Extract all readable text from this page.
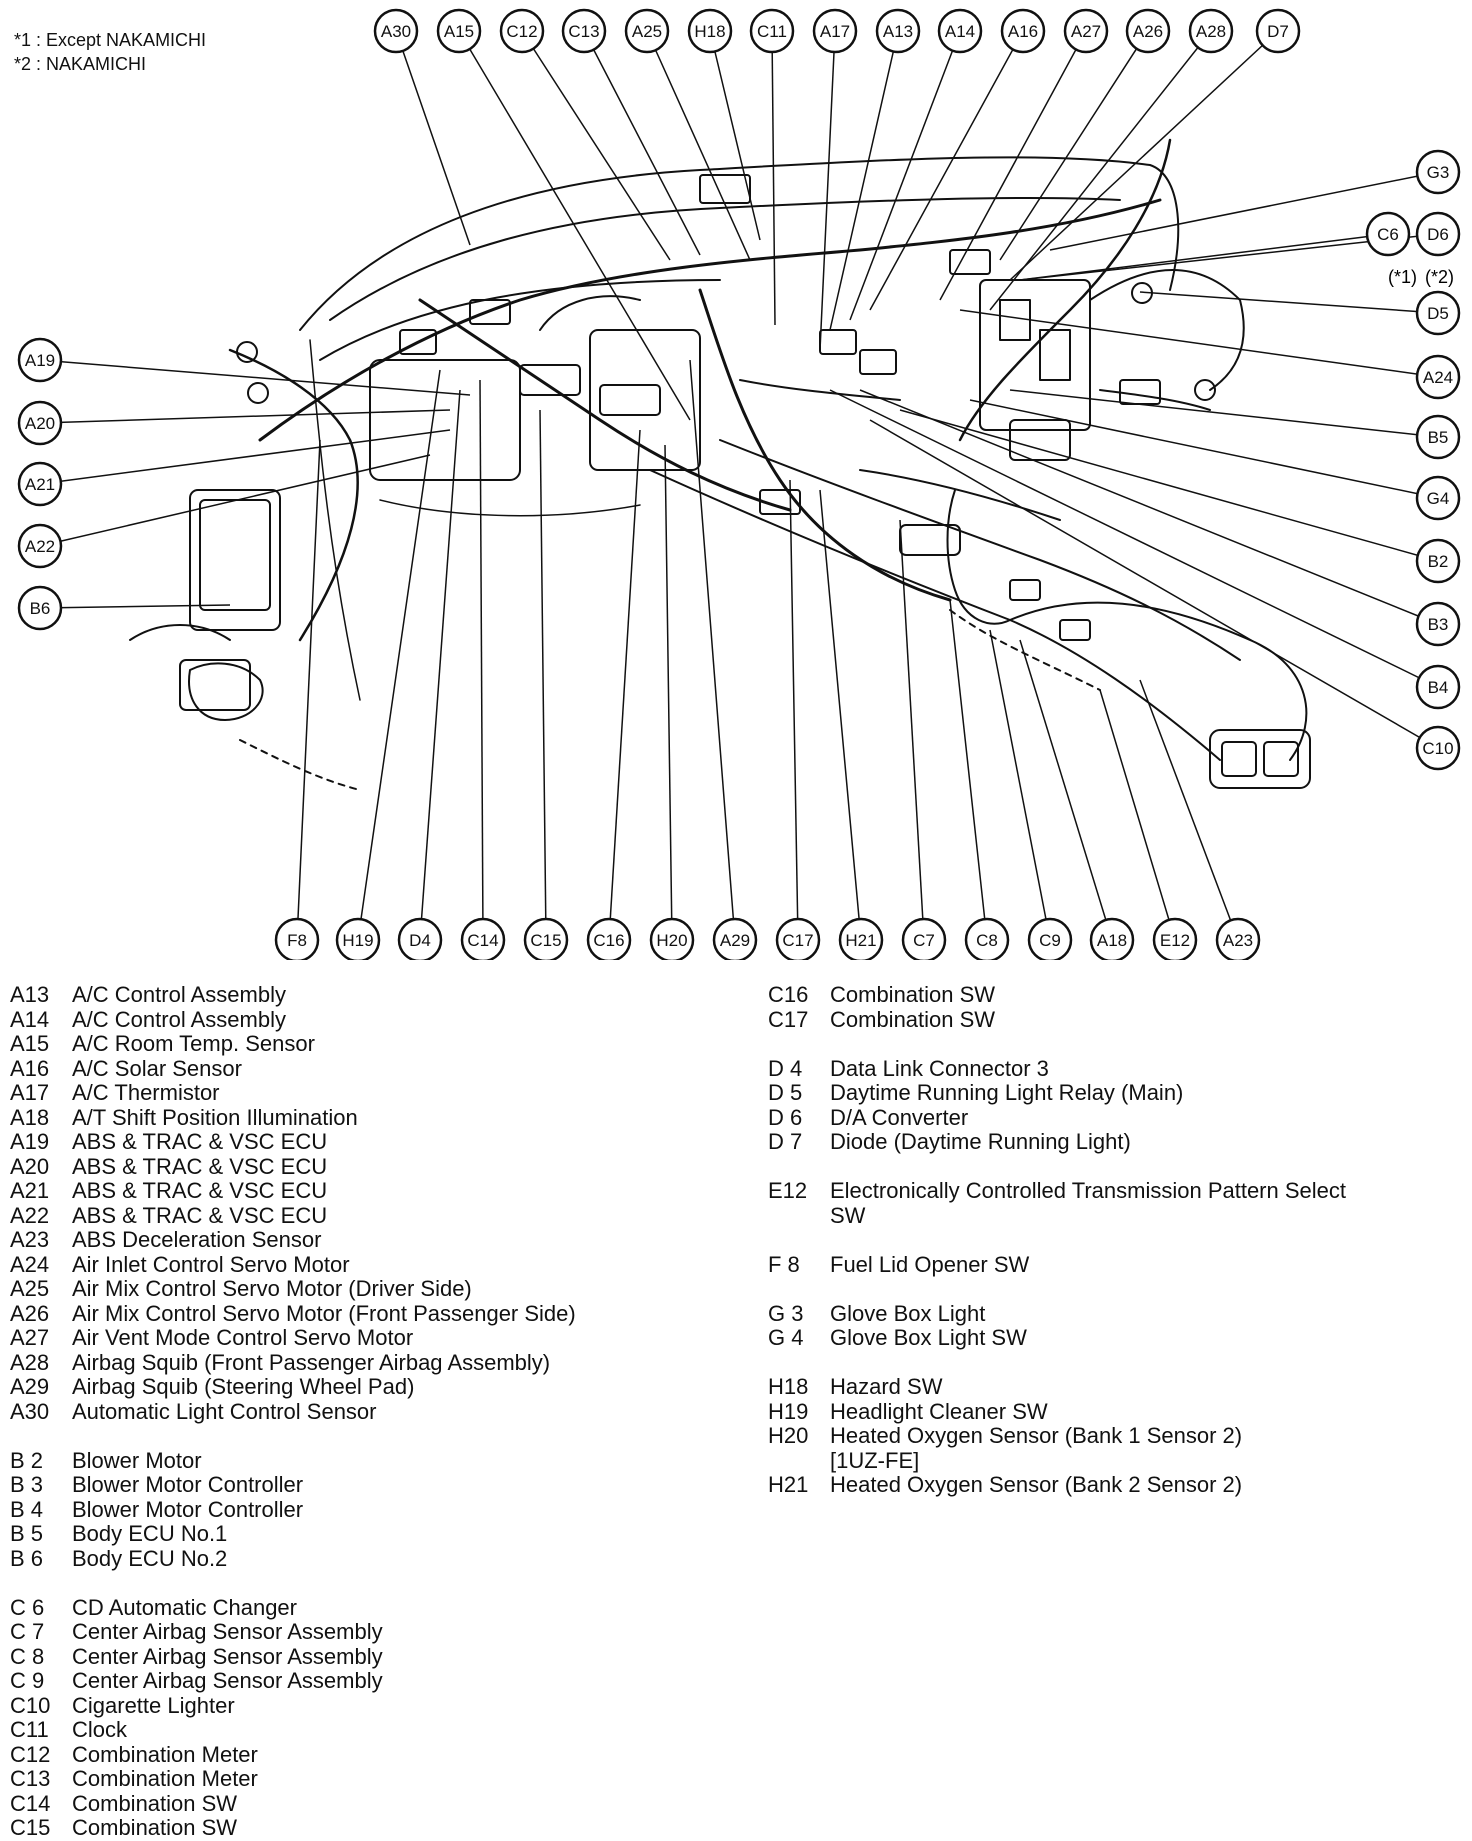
*1 : Except NAKAMICHI
*2 : NAKAMICHI
A30 A15 C12 C13 A25 H18 C11 A17 A13 A14 A16 A27 A26 A28 D7
G3
C6 D6
D5
A24
B5
G4
B2
B3
B4
C10
A19
A20
A21
A22
B6
F8 H19 D4 C14 C15 C16 H20 A29 C17 H21 C7 C8 C9 A18 E12 A23
(*1) (*2)
A13	A/C Control Assembly
A14	A/C Control Assembly
A15	A/C Room Temp. Sensor
A16	A/C Solar Sensor
A17	A/C Thermistor
A18	A/T Shift Position Illumination
A19	ABS & TRAC & VSC ECU
A20	ABS & TRAC & VSC ECU
A21	ABS & TRAC & VSC ECU
A22	ABS & TRAC & VSC ECU
A23	ABS Deceleration Sensor
A24	Air Inlet Control Servo Motor
A25	Air Mix Control Servo Motor (Driver Side)
A26	Air Mix Control Servo Motor (Front Passenger Side)
A27	Air Vent Mode Control Servo Motor
A28	Airbag Squib (Front Passenger Airbag Assembly)
A29	Airbag Squib (Steering Wheel Pad)
A30	Automatic Light Control Sensor
B 2	Blower Motor
B 3	Blower Motor Controller
B 4	Blower Motor Controller
B 5	Body ECU No.1
B 6	Body ECU No.2
C 6	CD Automatic Changer
C 7	Center Airbag Sensor Assembly
C 8	Center Airbag Sensor Assembly
C 9	Center Airbag Sensor Assembly
C10 Cigarette Lighter
C11	Clock
C12 Combination Meter
C13 Combination Meter
C14 Combination SW
C15 Combination SW
C16 Combination SW
C17 Combination SW
D 4	Data Link Connector 3
D 5	Daytime Running Light Relay (Main)
D 6	D/A Converter
D 7	Diode (Daytime Running Light)
E12	Electronically Controlled Transmission Pattern Select
SW
F 8	Fuel Lid Opener SW
G 3	Glove Box Light
G 4	Glove Box Light SW
H18 Hazard SW
H19 Headlight Cleaner SW
H20 Heated Oxygen Sensor (Bank 1 Sensor 2)
[1UZ-FE]
H21 Heated Oxygen Sensor (Bank 2 Sensor 2)
